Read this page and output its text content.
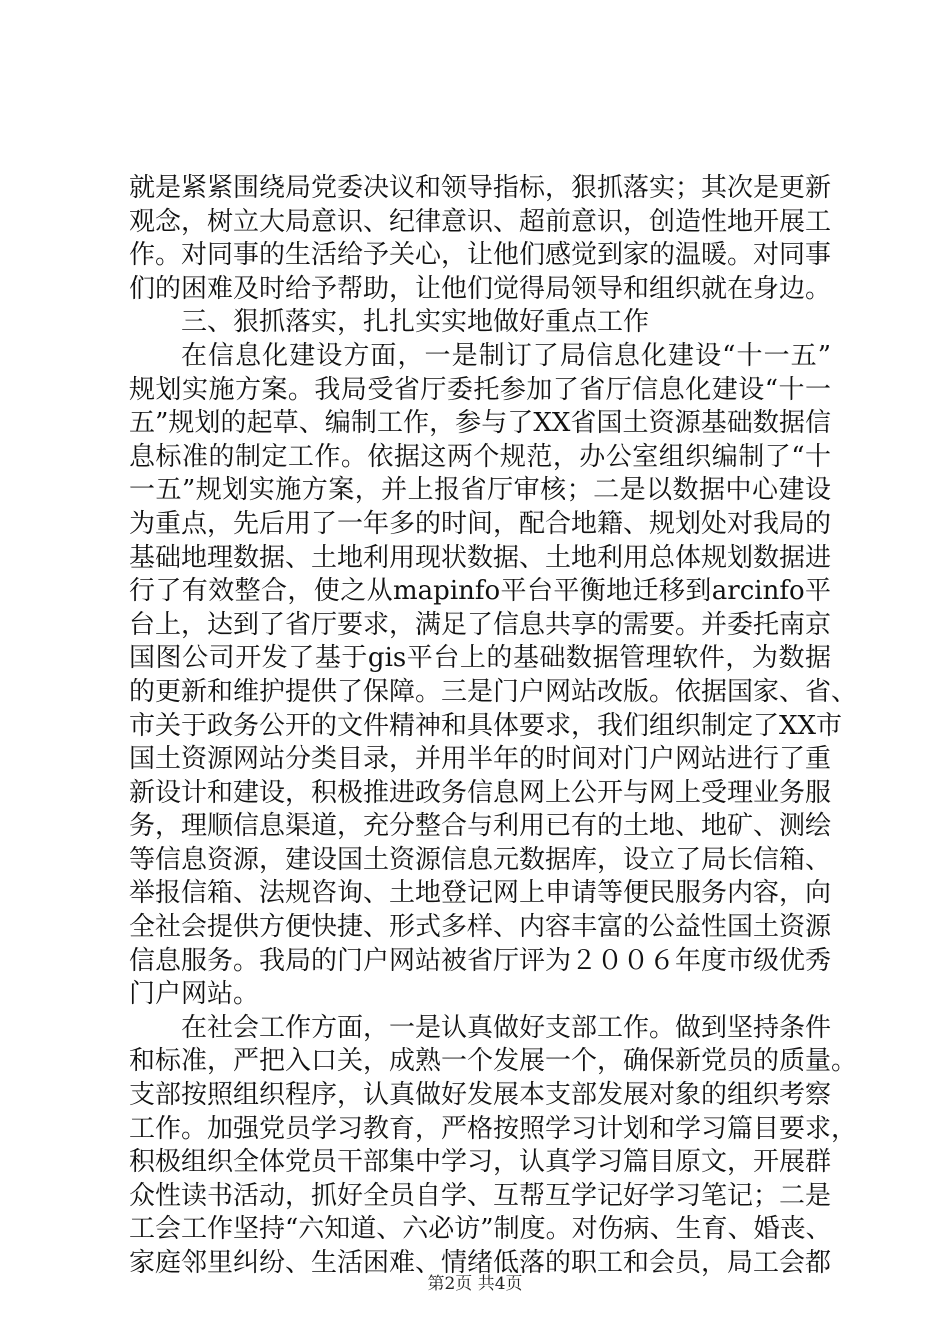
就是紧紧围绕局党委决议和领导指标，狠抓落实；其次是更新
观念，树立大局意识、纪律意识、超前意识，创造性地开展工
作。对同事的生活给予关心，让他们感觉到家的温暖。对同事
们的困难及时给予帮助，让他们觉得局领导和组织就在身边。
三、狠抓落实，扎扎实实地做好重点工作
在信息化建设方面，一是制订了局信息化建设“十一五”
规划实施方案。我局受省厅委托参加了省厅信息化建设“十一
五”规划的起草、编制工作，参与了XX省国土资源基础数据信
息标准的制定工作。依据这两个规范，办公室组织编制了“十
一五”规划实施方案，并上报省厅审核；二是以数据中心建设
为重点，先后用了一年多的时间，配合地籍、规划处对我局的
基础地理数据、土地利用现状数据、土地利用总体规划数据进
行了有效整合，使之从mapinfo平台平衡地迁移到arcinfo平
台上，达到了省厅要求，满足了信息共享的需要。并委托南京
国图公司开发了基于gis平台上的基础数据管理软件，为数据
的更新和维护提供了保障。三是门户网站改版。依据国家、省、
市关于政务公开的文件精神和具体要求，我们组织制定了XX市
国土资源网站分类目录，并用半年的时间对门户网站进行了重
新设计和建设，积极推进政务信息网上公开与网上受理业务服
务，理顺信息渠道，充分整合与利用已有的土地、地矿、测绘
等信息资源，建设国土资源信息元数据库，设立了局长信箱、
举报信箱、法规咨询、土地登记网上申请等便民服务内容，向
全社会提供方便快捷、形式多样、内容丰富的公益性国土资源
信息服务。我局的门户网站被省厅评为２００６年度市级优秀
门户网站。
在社会工作方面，一是认真做好支部工作。做到坚持条件
和标准，严把入口关，成熟一个发展一个，确保新党员的质量。
支部按照组织程序，认真做好发展本支部发展对象的组织考察
工作。加强党员学习教育，严格按照学习计划和学习篇目要求，
积极组织全体党员干部集中学习，认真学习篇目原文，开展群
众性读书活动，抓好全员自学、互帮互学记好学习笔记；二是
工会工作坚持“六知道、六必访”制度。对伤病、生育、婚丧、
家庭邻里纠纷、生活困难、情绪低落的职工和会员，局工会都
第2页 共4页
